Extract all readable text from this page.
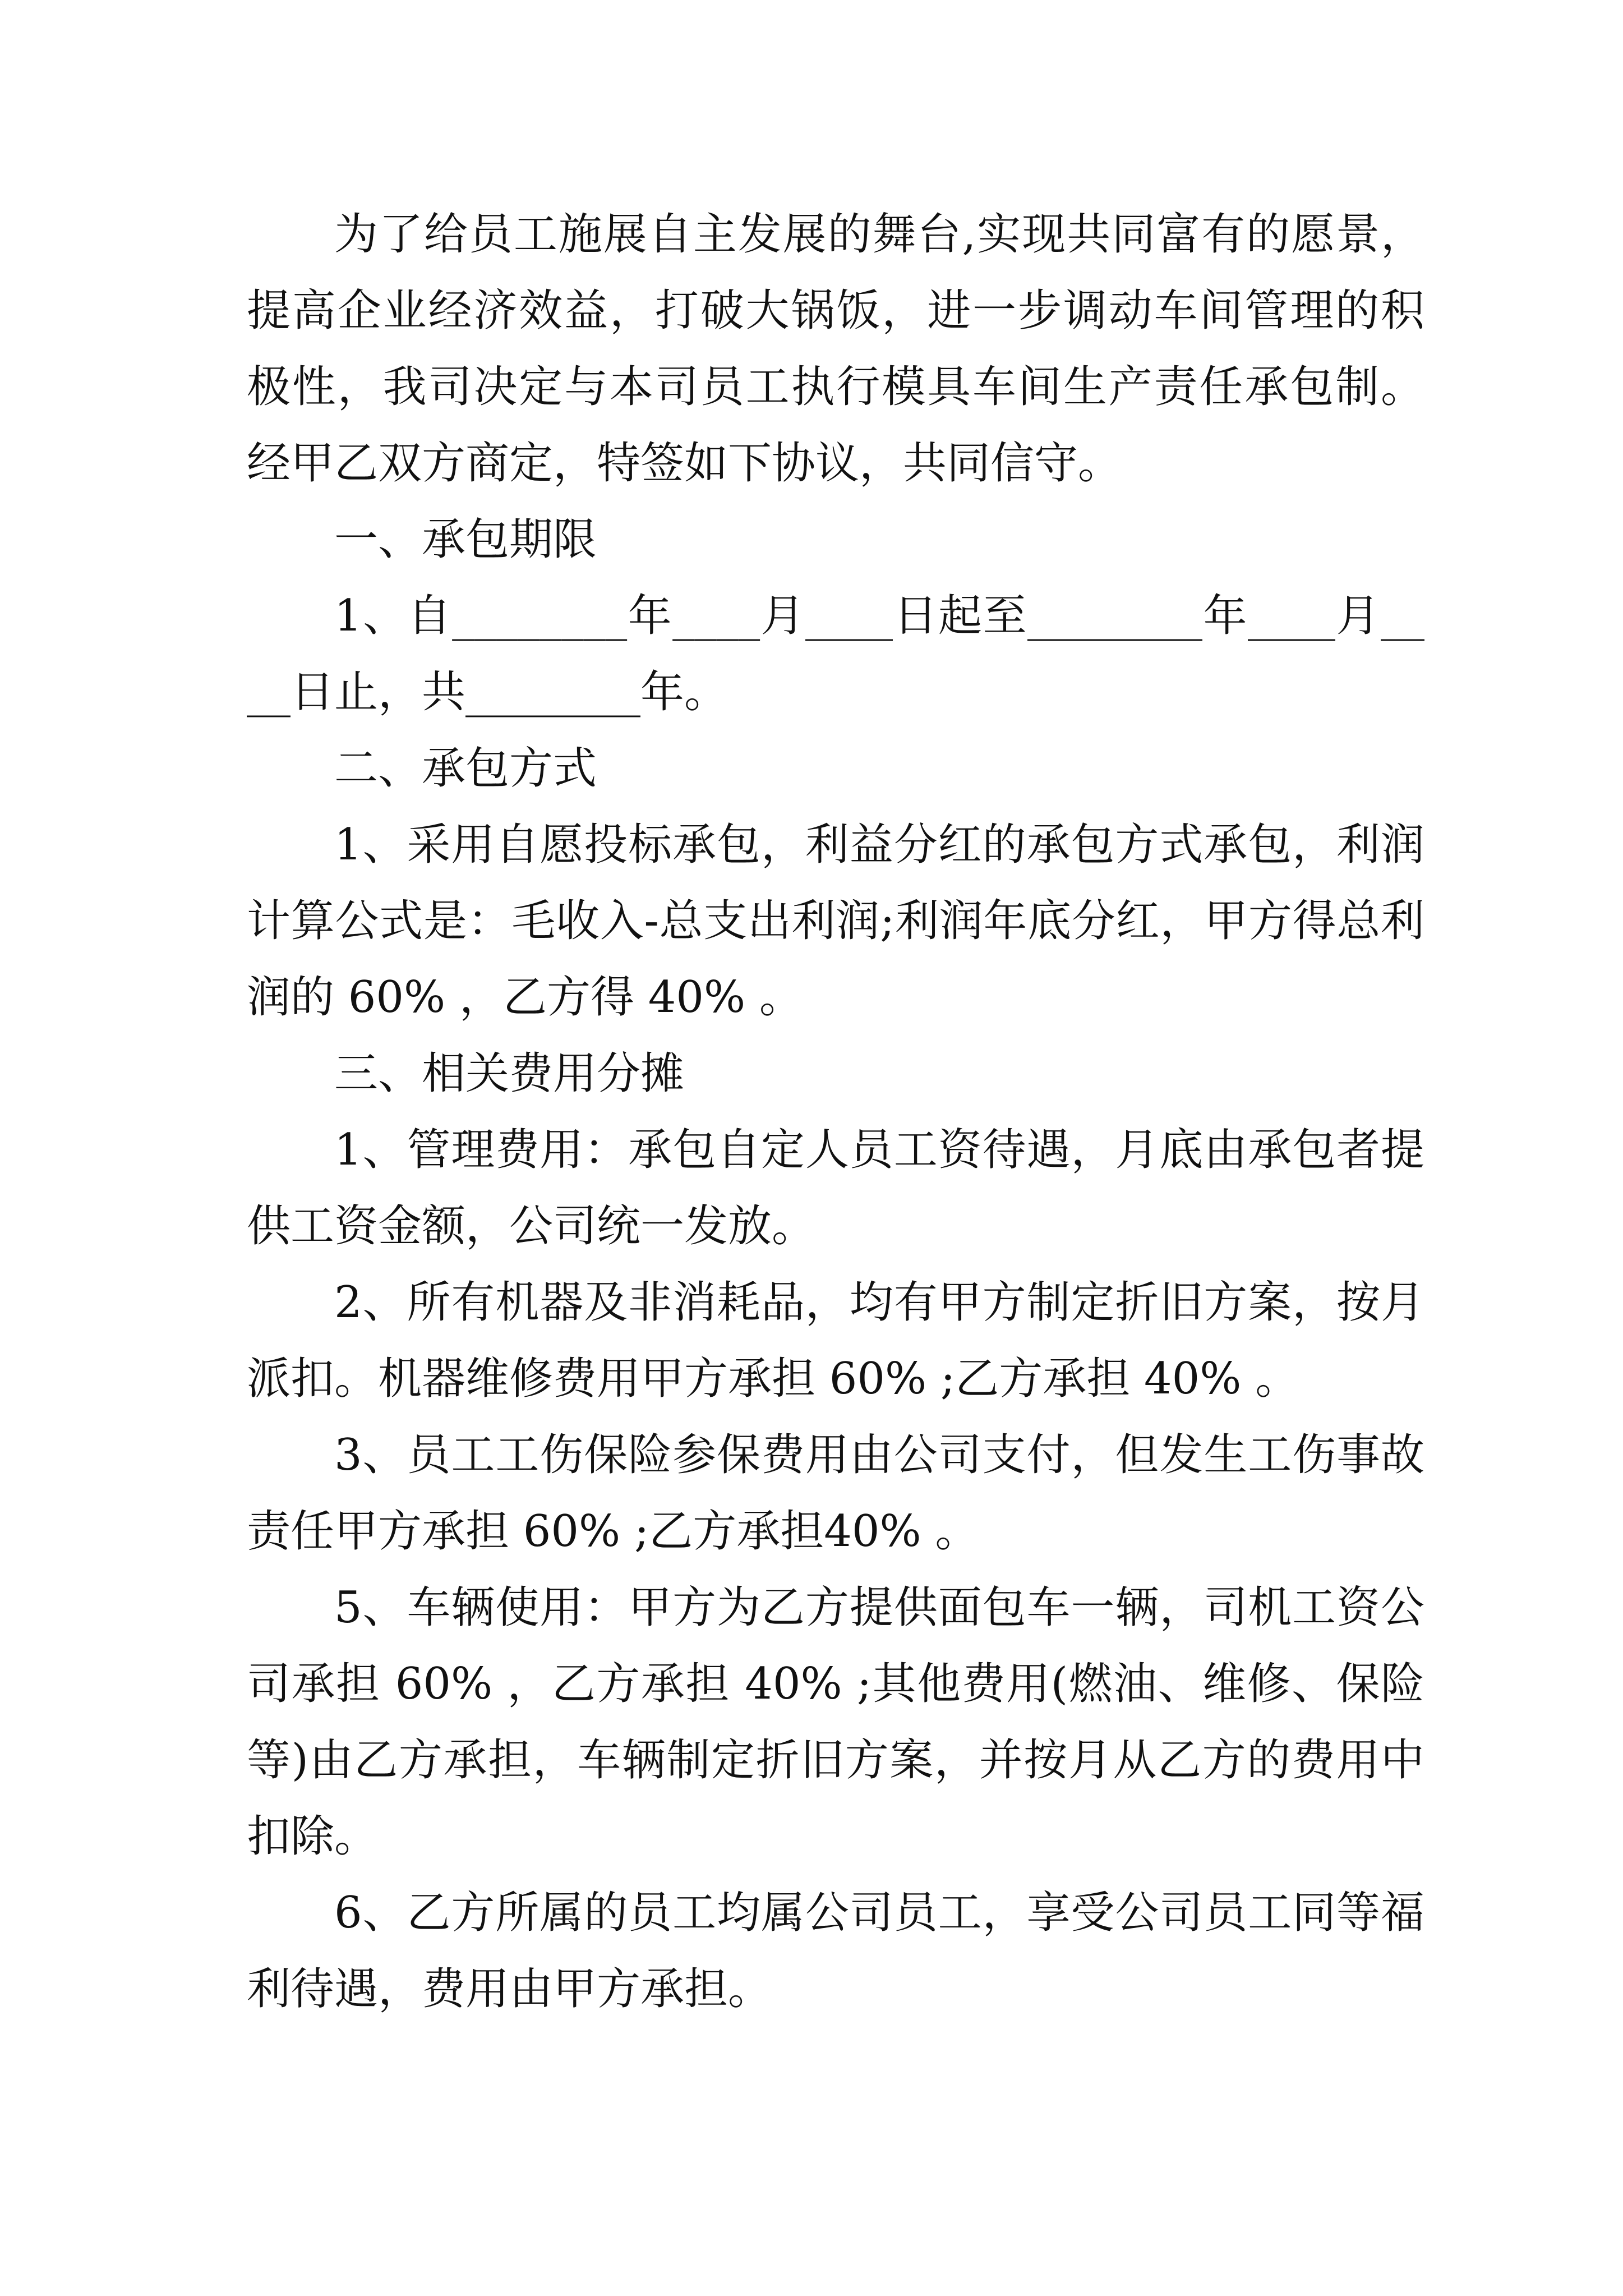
为了给员工施展自主发展的舞台,实现共同富有的愿景，提高企业经济效益，打破大锅饭，进一步调动车间管理的积极性，我司决定与本司员工执行模具车间生产责任承包制。经甲乙双方商定，特签如下协议，共同信守。

一、承包期限

1、自________年____月____日起至________年____月____日止，共________年。

二、承包方式

1、采用自愿投标承包，利益分红的承包方式承包，利润计算公式是：毛收入-总支出利润;利润年底分红，甲方得总利润的 60% ，乙方得 40% 。

三、相关费用分摊

1、管理费用：承包自定人员工资待遇，月底由承包者提供工资金额，公司统一发放。

2、所有机器及非消耗品，均有甲方制定折旧方案，按月派扣。机器维修费用甲方承担 60% ;乙方承担 40% 。

3、员工工伤保险参保费用由公司支付，但发生工伤事故责任甲方承担 60% ;乙方承担40% 。

5、车辆使用：甲方为乙方提供面包车一辆，司机工资公司承担 60% ，乙方承担 40% ;其他费用(燃油、维修、保险等)由乙方承担，车辆制定折旧方案，并按月从乙方的费用中扣除。

6、乙方所属的员工均属公司员工，享受公司员工同等福利待遇，费用由甲方承担。
